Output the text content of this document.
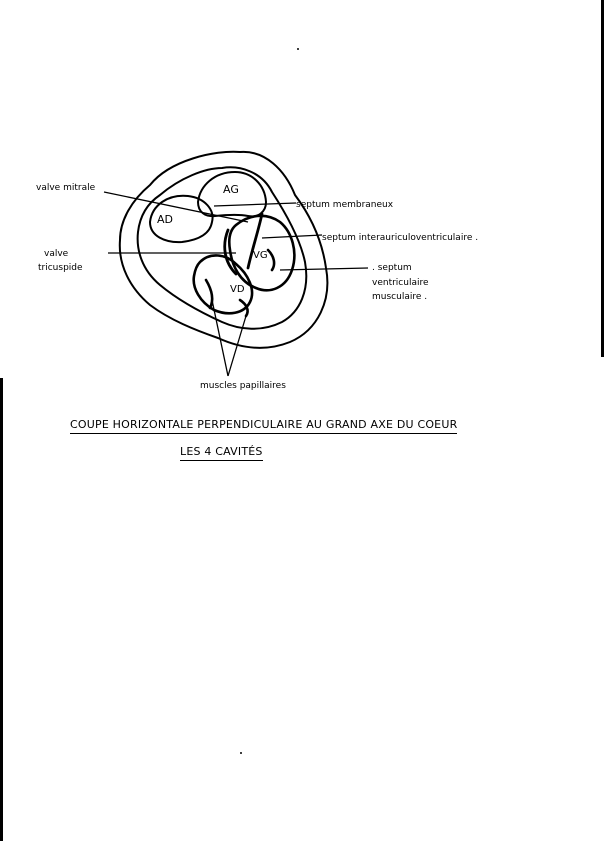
AG
AD
VG
VD
valve mitrale
septum membraneux
septum interauriculoventriculaire .
valve
tricuspide	. septum
ventriculaire
musculaire .
muscles papillaires
COUPE HORIZONTALE PERPENDICULAIRE AU GRAND AXE DU COEUR
LES 4 CAVITÉS
